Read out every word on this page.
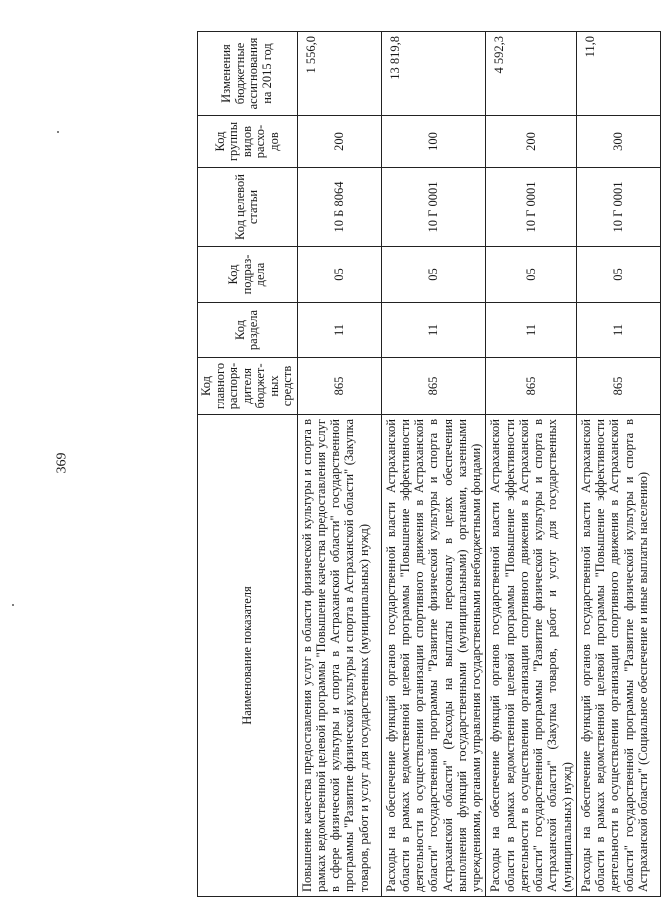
369
Наименование показателя	Код главного распоря-дителя бюджет-ных средств	Код раздела	Код подраз-дела	Код целевой статьи	Код группы видов расхо-дов	Изменения бюджетные ассигнования на 2015 год
Повышение качества предоставления услуг в области физической культуры и спорта в рамках ведомственной целевой программы "Повышение качества предоставления услуг в сфере физической культуры и спорта в Астраханской области" государственной программы "Развитие физической культуры и спорта в Астраханской области" (Закупка товаров, работ и услуг для государственных (муниципальных) нужд)	865	11	05	10 Б 8064	200	1 556,0
Расходы на обеспечение функций органов государственной власти Астраханской области в рамках ведомственной целевой программы "Повышение эффективности деятельности в осуществлении организации спортивного движения в Астраханской области" государственной программы "Развитие физической культуры и спорта в Астраханской области" (Расходы на выплаты персоналу в целях обеспечения выполнения функций государственными (муниципальными) органами, казенными учреждениями, органами управления государственными внебюджетными фондами)	865	11	05	10 Г 0001	100	13 819,8
Расходы на обеспечение функций органов государственной власти Астраханской области в рамках ведомственной целевой программы "Повышение эффективности деятельности в осуществлении организации спортивного движения в Астраханской области" государственной программы "Развитие физической культуры и спорта в Астраханской области" (Закупка товаров, работ и услуг для государственных (муниципальных) нужд)	865	11	05	10 Г 0001	200	4 592,3
Расходы на обеспечение функций органов государственной власти Астраханской области в рамках ведомственной целевой программы "Повышение эффективности деятельности в осуществлении организации спортивного движения в Астраханской области" государственной программы "Развитие физической культуры и спорта в Астраханской области" (Социальное обеспечение и иные выплаты населению)	865	11	05	10 Г 0001	300	11,0
